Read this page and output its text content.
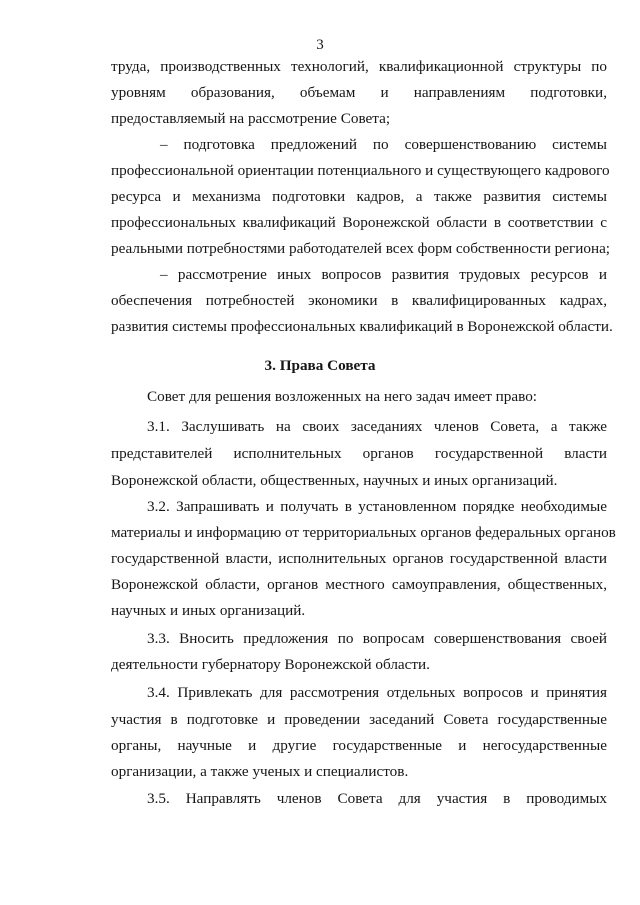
3
труда, производственных технологий, квалификационной структуры по
уровням образования, объемам и направлениям подготовки,
предоставляемый на рассмотрение Совета;
– подготовка предложений по совершенствованию системы
профессиональной ориентации потенциального и существующего кадрового
ресурса и механизма подготовки кадров, а также развития системы
профессиональных квалификаций Воронежской области в соответствии с
реальными потребностями работодателей всех форм собственности региона;
– рассмотрение иных вопросов развития трудовых ресурсов и
обеспечения потребностей экономики в квалифицированных кадрах,
развития системы профессиональных квалификаций в Воронежской области.
3. Права Совета
Совет для решения возложенных на него задач имеет право:
3.1. Заслушивать на своих заседаниях членов Совета, а также
представителей исполнительных органов государственной власти
Воронежской области, общественных, научных и иных организаций.
3.2. Запрашивать и получать в установленном порядке необходимые
материалы и информацию от территориальных органов федеральных органов
государственной власти, исполнительных органов государственной власти
Воронежской области, органов местного самоуправления, общественных,
научных и иных организаций.
3.3. Вносить предложения по вопросам совершенствования своей
деятельности губернатору Воронежской области.
3.4. Привлекать для рассмотрения отдельных вопросов и принятия
участия в подготовке и проведении заседаний Совета государственные
органы, научные и другие государственные и негосударственные
организации, а также ученых и специалистов.
3.5. Направлять членов Совета для участия в проводимых
